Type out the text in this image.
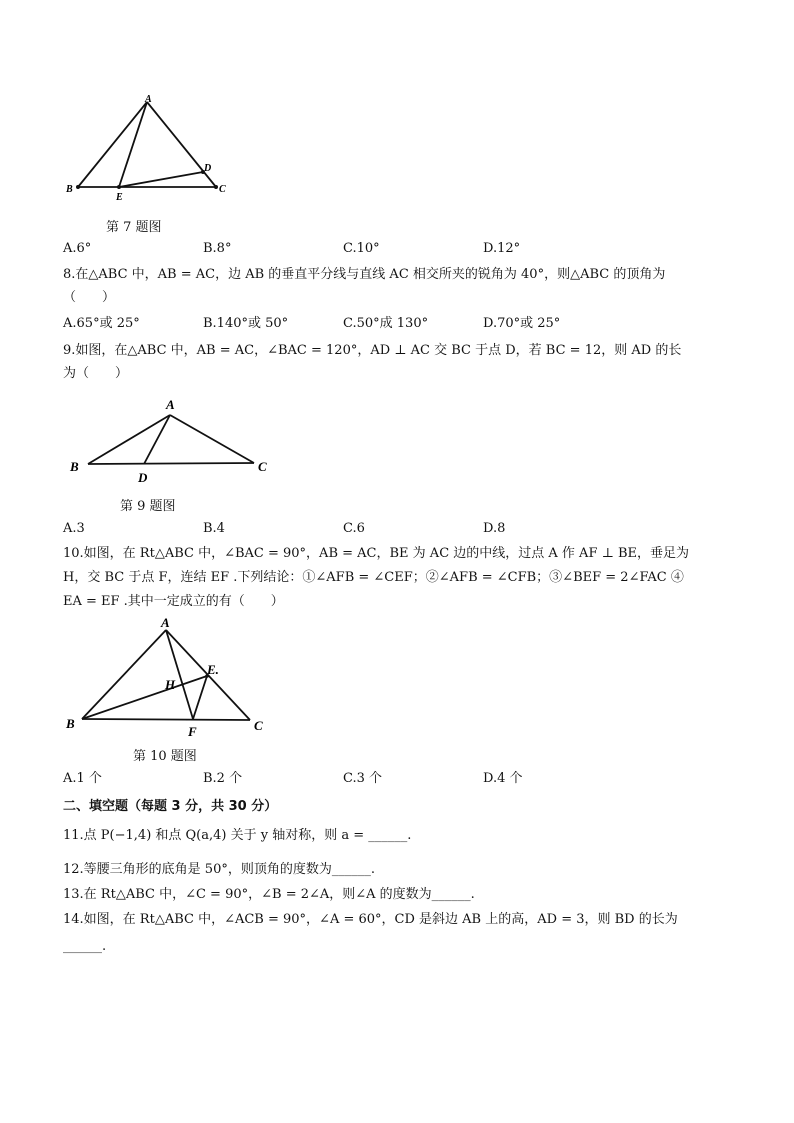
A
B	C
D
E
第 7 题图
A.6°	B.8°	C.10°	D.12°
8.在△ABC 中，AB = AC，边 AB 的垂直平分线与直线 AC 相交所夹的锐角为 40°，则△ABC 的顶角为
（　　）
A.65°或 25°	B.140°或 50°	C.50°成 130°	D.70°或 25°
9.如图，在△ABC 中，AB = AC，∠BAC = 120°，AD ⊥ AC 交 BC 于点 D，若 BC = 12，则 AD 的长
为（　　）
A
B	C
D
第 9 题图
A.3	B.4	C.6	D.8
10.如图，在 Rt△ABC 中，∠BAC = 90°，AB = AC，BE 为 AC 边的中线，过点 A 作 AF ⊥ BE，垂足为
H，交 BC 于点 F，连结 EF .下列结论：①∠AFB = ∠CEF；②∠AFB = ∠CFB；③∠BEF = 2∠FAC ④
EA = EF .其中一定成立的有（　　）
A
B	C
E.
F
H
第 10 题图
A.1 个	B.2 个	C.3 个	D.4 个
二、填空题（每题 3 分，共 30 分）
11.点 P(−1,4) 和点 Q(a,4) 关于 y 轴对称，则 a = ______.
12.等腰三角形的底角是 50°，则顶角的度数为______.
13.在 Rt△ABC 中，∠C = 90°，∠B = 2∠A，则∠A 的度数为______.
14.如图，在 Rt△ABC 中，∠ACB = 90°，∠A = 60°，CD 是斜边 AB 上的高，AD = 3，则 BD 的长为
______.
